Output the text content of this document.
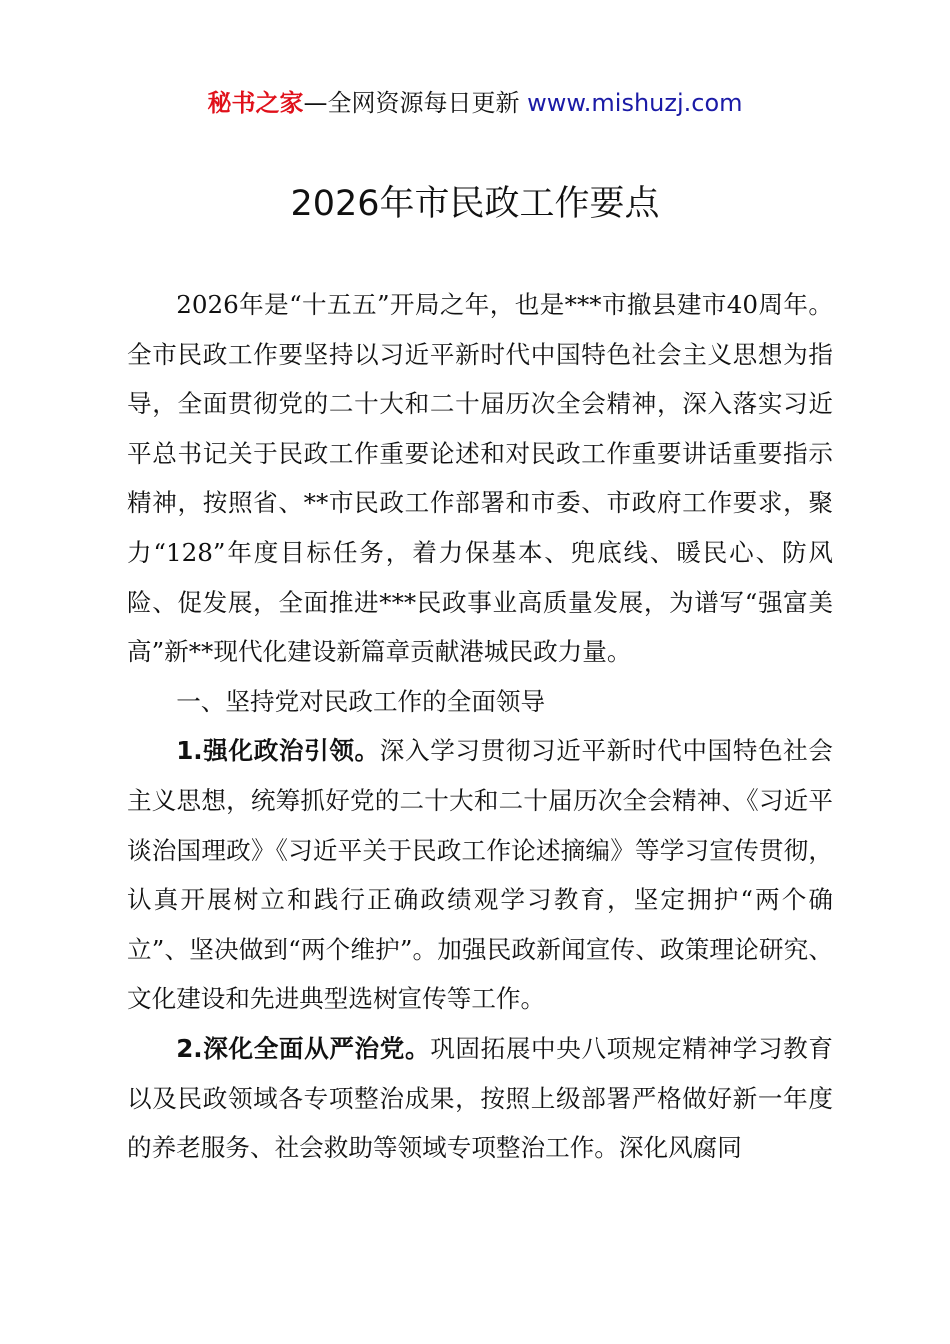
秘书之家—全网资源每日更新 www.mishuzj.com
2026年市民政工作要点

2026年是“十五五”开局之年，也是***市撤县建市40周年。全市民政工作要坚持以习近平新时代中国特色社会主义思想为指导，全面贯彻党的二十大和二十届历次全会精神，深入落实习近平总书记关于民政工作重要论述和对民政工作重要讲话重要指示精神，按照省、**市民政工作部署和市委、市政府工作要求，聚力“128”年度目标任务，着力保基本、兜底线、暖民心、防风险、促发展，全面推进***民政事业高质量发展，为谱写“强富美高”新**现代化建设新篇章贡献港城民政力量。

一、坚持党对民政工作的全面领导

1.强化政治引领。深入学习贯彻习近平新时代中国特色社会主义思想，统筹抓好党的二十大和二十届历次全会精神、《习近平谈治国理政》《习近平关于民政工作论述摘编》等学习宣传贯彻，认真开展树立和践行正确政绩观学习教育，坚定拥护“两个确立”、坚决做到“两个维护”。加强民政新闻宣传、政策理论研究、文化建设和先进典型选树宣传等工作。

2.深化全面从严治党。巩固拓展中央八项规定精神学习教育以及民政领域各专项整治成果，按照上级部署严格做好新一年度的养老服务、社会救助等领域专项整治工作。深化风腐同
